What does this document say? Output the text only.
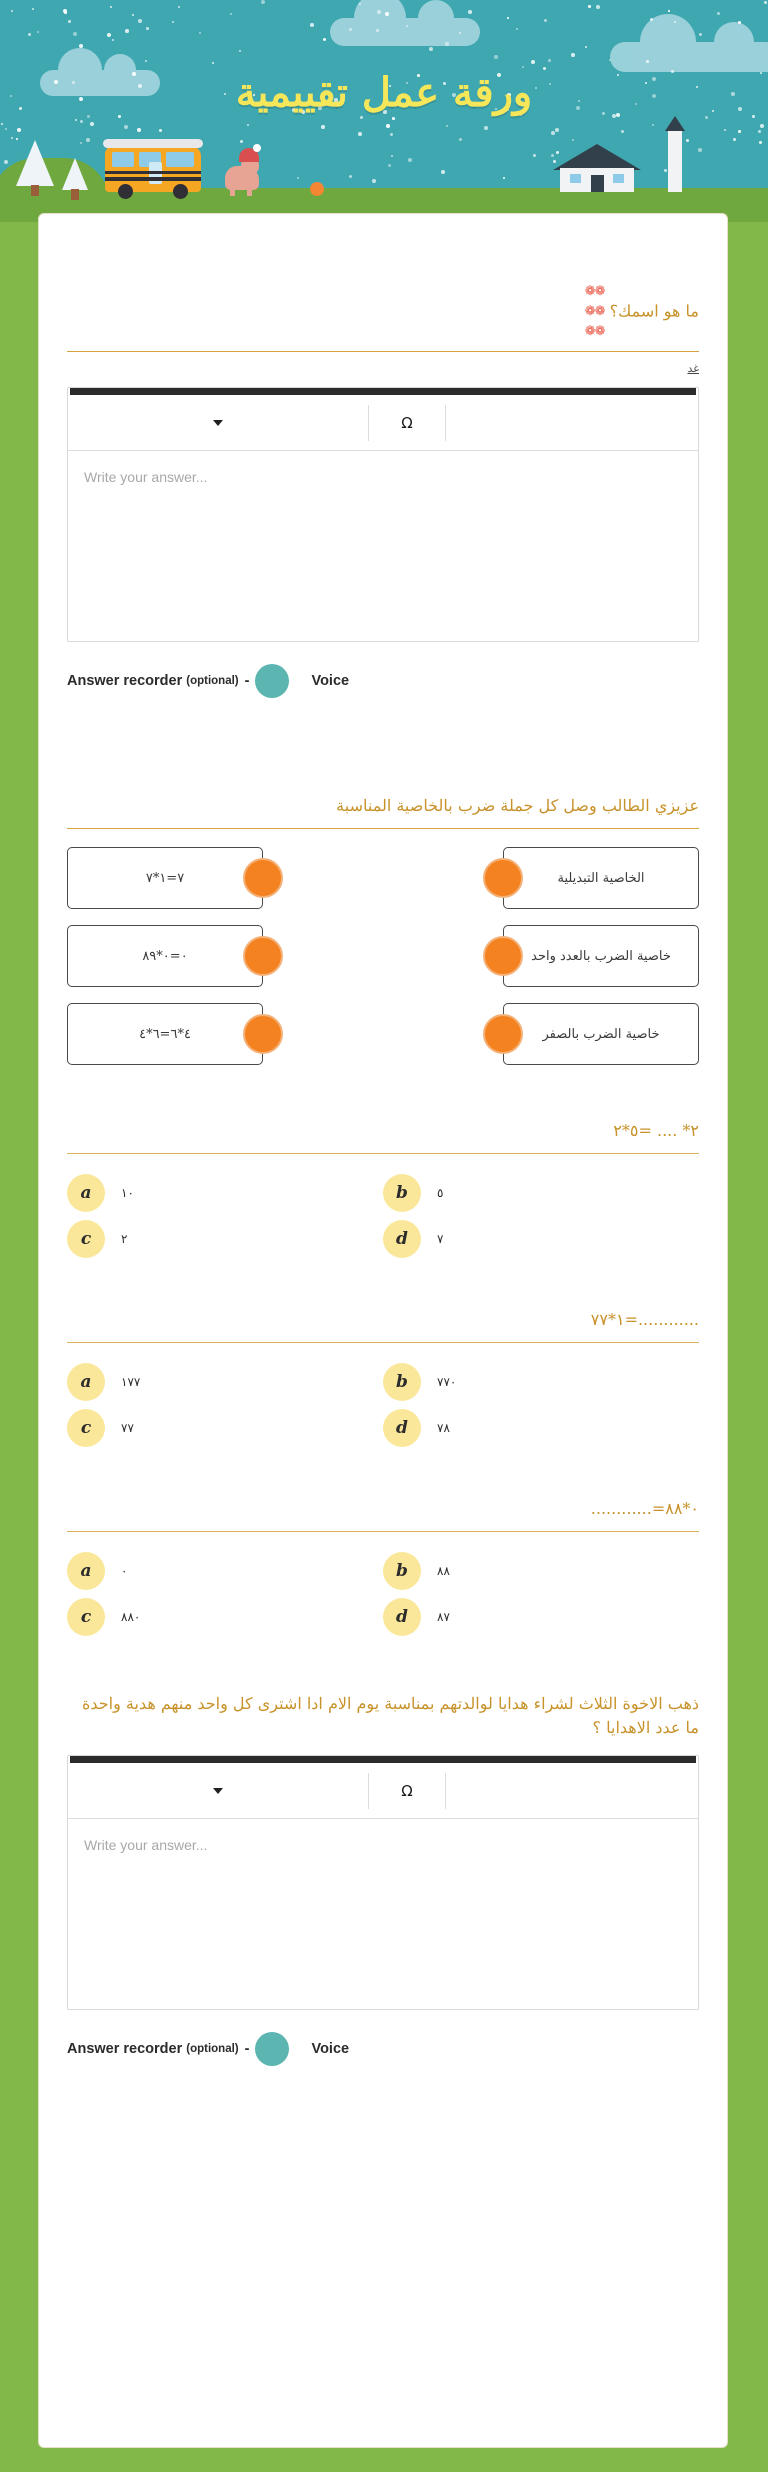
ورقة عمل تقييمية
ما هو اسمك؟ ❁❁
❁❁
❁❁
غد
Ω
Write your answer...
Answer recorder (optional) -	Voice
عزيزي الطالب وصل كل جملة ضرب بالخاصية المناسبة
٧=١*٧	الخاصية التبديلية
٠=٠*٨٩	خاصية الضرب بالعدد واحد
٤*٦=٦*٤	خاصية الضرب بالصفر
٢* .... =٥*٢
a	١٠	b	٥
c	٢	d	٧
............=١*٧٧
a	١٧٧	b	٧٧٠
c	٧٧	d	٧٨
٠*٨٨=............
a	٠	b	٨٨
c	٨٨٠	d	٨٧
ذهب الاخوة الثلاث لشراء هدايا لوالدتهم بمناسبة يوم الام ادا اشترى كل واحد منهم هدية واحدة ما عدد الاهدايا ؟
Ω
Write your answer...
Answer recorder (optional) -	Voice
